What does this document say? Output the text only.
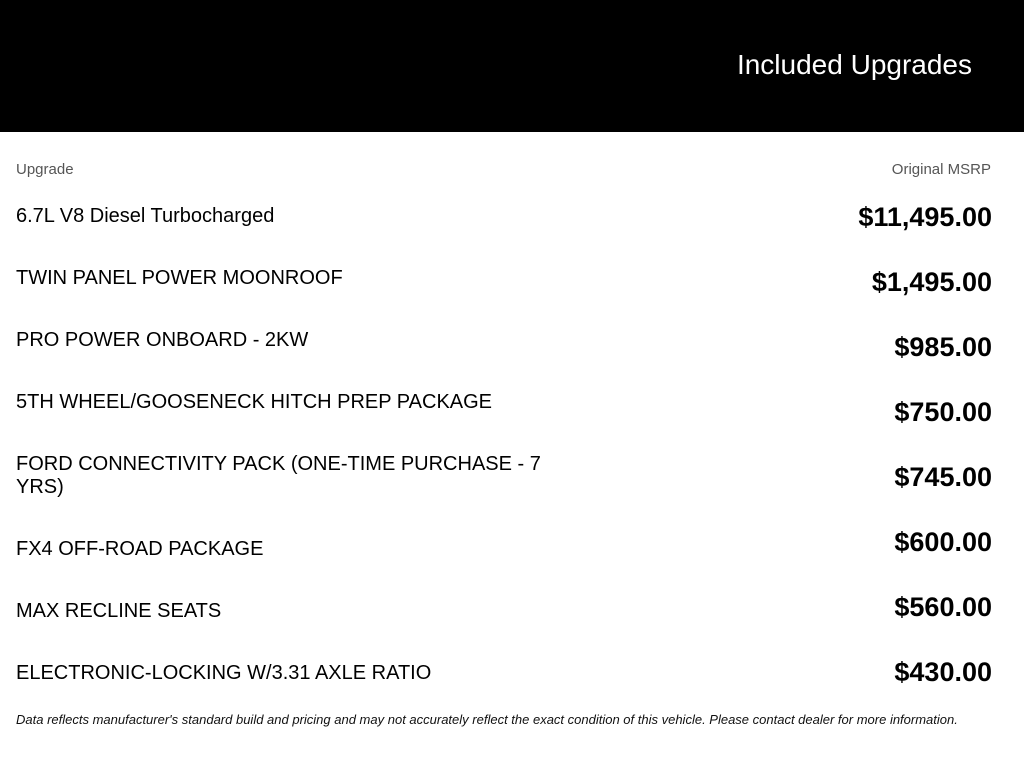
Included Upgrades
Upgrade	Original MSRP
6.7L V8 Diesel Turbocharged	$11,495.00
TWIN PANEL POWER MOONROOF	$1,495.00
PRO POWER ONBOARD - 2KW	$985.00
5TH WHEEL/GOOSENECK HITCH PREP PACKAGE	$750.00
FORD CONNECTIVITY PACK (ONE-TIME PURCHASE - 7 YRS)	$745.00
FX4 OFF-ROAD PACKAGE	$600.00
MAX RECLINE SEATS	$560.00
ELECTRONIC-LOCKING W/3.31 AXLE RATIO	$430.00
Data reflects manufacturer's standard build and pricing and may not accurately reflect the exact condition of this vehicle. Please contact dealer for more information.
